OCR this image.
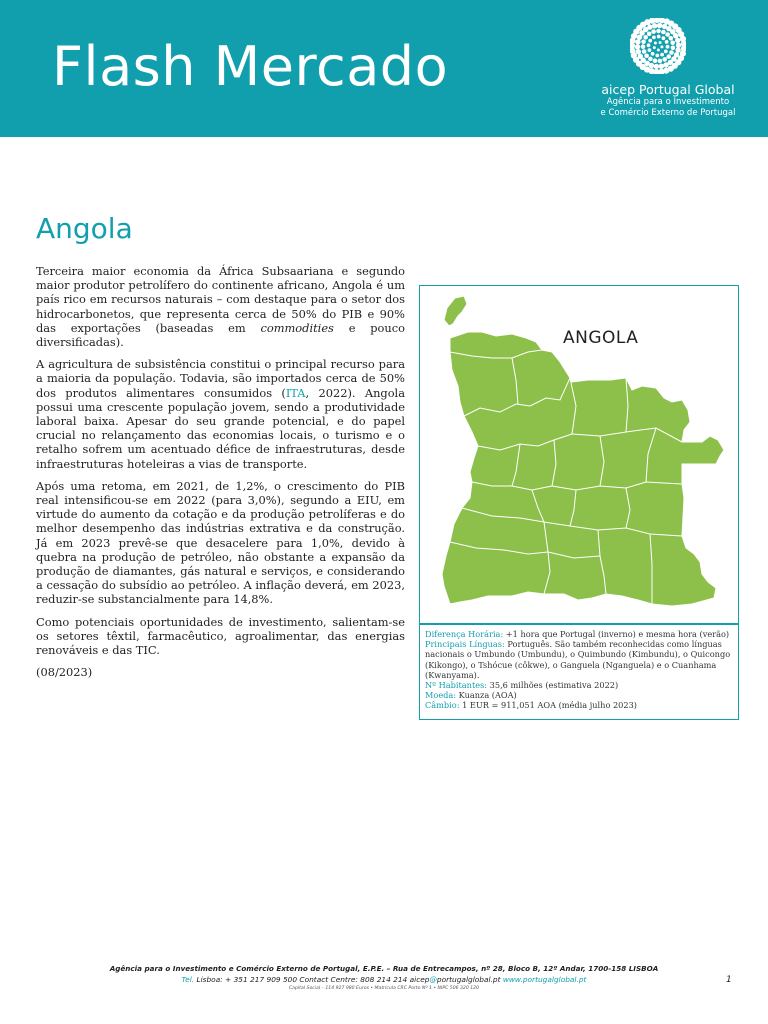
Flash Mercado	aicep Portugal Global
Agência para o Investimento
e Comércio Externo de Portugal
Angola

Terceira maior economia da África Subsaariana e segundo maior produtor petrolífero do continente africano, Angola é um país rico em recursos naturais – com destaque para o setor dos hidrocarbonetos, que representa cerca de 50% do PIB e 90% das exportações (baseadas em commodities e pouco diversificadas).

A agricultura de subsistência constitui o principal recurso para a maioria da população. Todavia, são importados cerca de 50% dos produtos alimentares consumidos (ITA, 2022). Angola possui uma crescente população jovem, sendo a produtividade laboral baixa. Apesar do seu grande potencial, e do papel crucial no relançamento das economias locais, o turismo e o retalho sofrem um acentuado défice de infraestruturas, desde infraestruturas hoteleiras a vias de transporte.

Após uma retoma, em 2021, de 1,2%, o crescimento do PIB real intensificou-se em 2022 (para 3,0%), segundo a EIU, em virtude do aumento da cotação e da produção petrolíferas e do melhor desempenho das indústrias extrativa e da construção. Já em 2023 prevê-se que desacelere para 1,0%, devido à quebra na produção de petróleo, não obstante a expansão da produção de diamantes, gás natural e serviços, e considerando a cessação do subsídio ao petróleo. A inflação deverá, em 2023, reduzir-se substancialmente para 14,8%.

Como potenciais oportunidades de investimento, salientam-se os setores têxtil, farmacêutico, agroalimentar, das energias renováveis e das TIC.

(08/2023)

ANGOLA
Diferença Horária: +1 hora que Portugal (inverno) e mesma hora (verão)
Principais Línguas: Português. São também reconhecidas como línguas nacionais o Umbundo (Umbundu), o Quimbundo (Kimbundu), o Quicongo (Kikongo), o Tshócue (côkwe), o Ganguela (Nganguela) e o Cuanhama (Kwanyama).
Nº Habitantes: 35,6 milhões (estimativa 2022)
Moeda: Kuanza (AOA)
Câmbio: 1 EUR = 911,051 AOA (média julho 2023)
Agência para o Investimento e Comércio Externo de Portugal, E.P.E. – Rua de Entrecampos, nº 28, Bloco B, 12º Andar, 1700-158 LISBOA
Tel. Lisboa: + 351 217 909 500 Contact Centre: 808 214 214 aicep@portugalglobal.pt www.portugalglobal.pt
Capital Social – 114 927 980 Euros • Matrícula CRC Porto Nº 1 • NIPC 506 320 120
1
